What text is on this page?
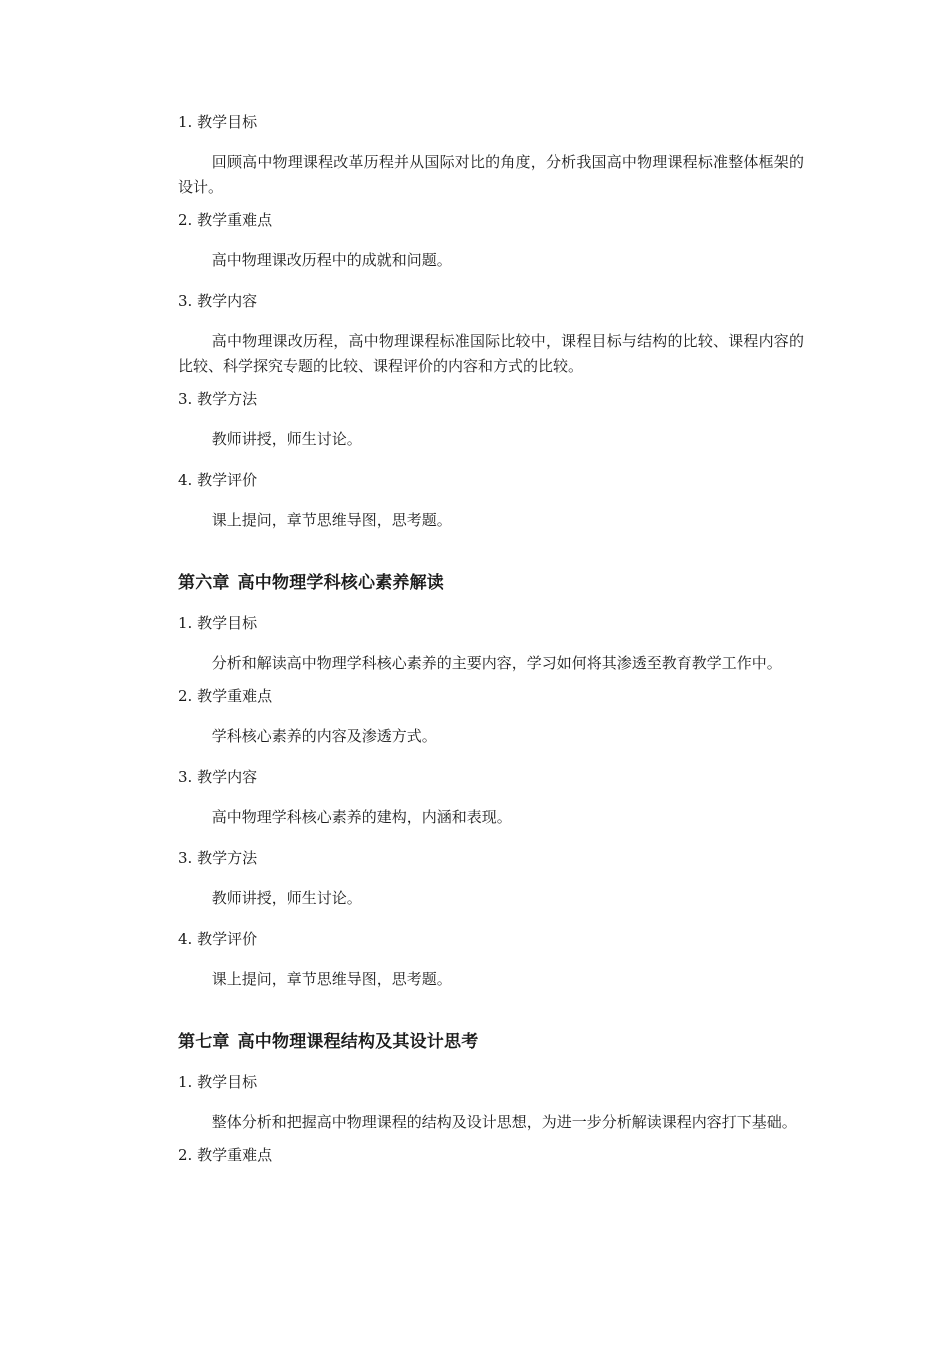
1. 教学目标
回顾高中物理课程改革历程并从国际对比的角度，分析我国高中物理课程标准整体框架的设计。
2. 教学重难点
高中物理课改历程中的成就和问题。
3. 教学内容
高中物理课改历程，高中物理课程标准国际比较中，课程目标与结构的比较、课程内容的比较、科学探究专题的比较、课程评价的内容和方式的比较。
3. 教学方法
教师讲授，师生讨论。
4. 教学评价
课上提问，章节思维导图，思考题。
第六章 高中物理学科核心素养解读
1. 教学目标
分析和解读高中物理学科核心素养的主要内容，学习如何将其渗透至教育教学工作中。
2. 教学重难点
学科核心素养的内容及渗透方式。
3. 教学内容
高中物理学科核心素养的建构，内涵和表现。
3. 教学方法
教师讲授，师生讨论。
4. 教学评价
课上提问，章节思维导图，思考题。
第七章 高中物理课程结构及其设计思考
1. 教学目标
整体分析和把握高中物理课程的结构及设计思想，为进一步分析解读课程内容打下基础。
2. 教学重难点
